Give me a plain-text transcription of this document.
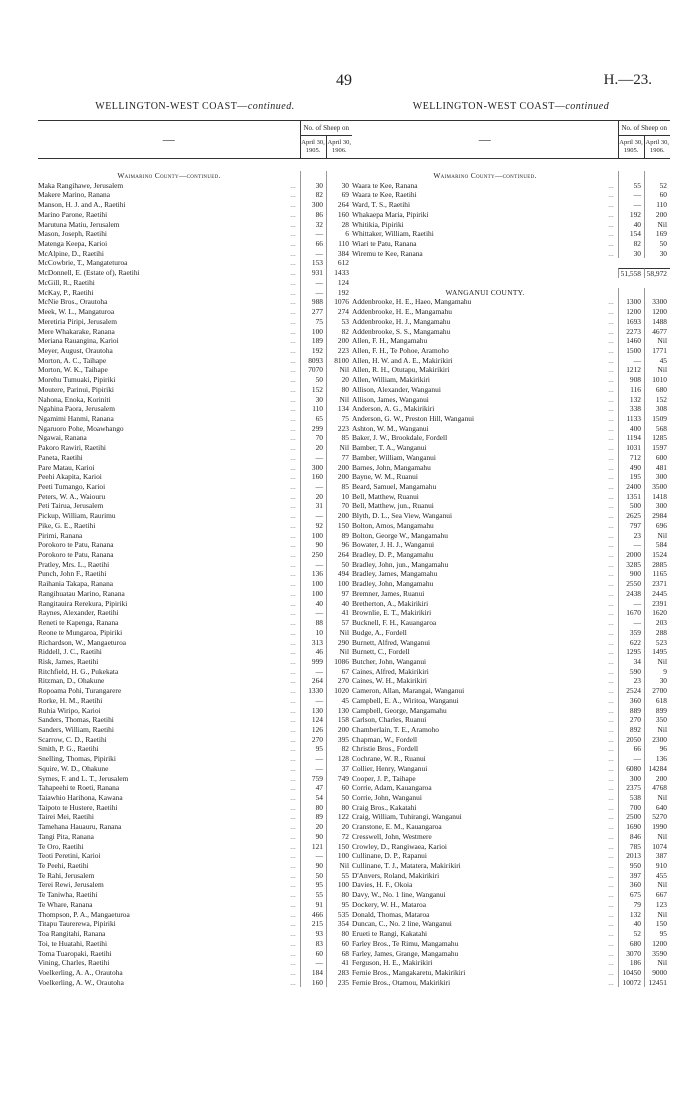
49	H.—23.
WELLINGTON-WEST COAST—continued.
—	No. of Sheep on	
	April 30, 1905.	April 30, 1906.
Waimarino County—continued.
Maka Rangihawe, Jerusalem	...	30	30
Makere Marino, Ranana	...	82	69
Manson, H. J. and A., Raetihi	...	300	264
Marino Parone, Raetihi	...	86	160
Marutuna Matiu, Jerusalem	...	32	28
Mason, Joseph, Raetihi	...	—	6
Matenga Keepa, Karioi	...	66	110
McAlpine, D., Raetihi	...	—	384
McCowbrie, T., Mangateturoa	...	153	612
McDonnell, E. (Estate of), Raetihi	...	931	1433
McGill, R., Raetihi	...	—	124
McKay, P., Raetihi	...	—	192
McNie Bros., Orautoha	...	988	1076
Meek, W. L., Mangaturoa	...	277	274
Meretiria Piripi, Jerusalem	...	75	53
Mere Whakarake, Ranana	...	100	82
Meriana Rauangina, Karioi	...	189	200
Meyer, August, Orautoha	...	192	223
Morton, A. C., Taihape	...	8093	8100
Morton, W. K., Taihape	...	7070	Nil
Morehu Tumuaki, Pipiriki	...	50	20
Moutere, Parinui, Pipiriki	...	152	80
Nahona, Enoka, Koriniti	...	30	Nil
Ngahina Paora, Jerusalem	...	110	134
Ngamimi Hanmi, Ranana	...	65	75
Ngaruoro Pohe, Moawhango	...	299	223
Ngawai, Ranana	...	70	85
Pakoro Rawiri, Raetihi	...	20	Nil
Paneta, Raetihi	...	—	77
Pare Matau, Karioi	...	300	200
Peehi Akapita, Karioi	...	160	200
Peeti Tumango, Karioi	...	—	85
Peters, W. A., Waiouru	...	20	10
Peti Tairua, Jerusalem	...	31	70
Pickup, William, Raurimu	...	—	200
Pike, G. E., Raetihi	...	92	150
Pirimi, Ranana	...	100	89
Porokoro te Patu, Ranana	...	90	96
Porokoro te Patu, Ranana	...	250	264
Pratley, Mrs. L., Raetihi	...	—	50
Punch, John F., Raetihi	...	136	494
Raihania Takapa, Ranana	...	100	100
Rangihuatau Marino, Ranana	...	100	97
Rangitauira Rerekura, Pipiriki	...	40	40
Raynes, Alexander, Raetihi	...	—	41
Reneti te Kapenga, Ranana	...	88	57
Reone te Mungaroa, Pipiriki	...	10	Nil
Richardson, W., Mangaeturoa	...	313	290
Riddell, J. C., Raetihi	...	46	Nil
Risk, James, Raetihi	...	999	1086
Ritchfield, H. G., Pukekata	...	—	67
Ritzman, D., Ohakune	...	264	270
Ropoama Pohi, Turangarere	...	1330	1020
Rorke, H. M., Raetihi	...	—	45
Ruhia Wiripo, Karioi	...	130	130
Sanders, Thomas, Raetihi	...	124	158
Sanders, William, Raetihi	...	126	200
Scarrow, C. D., Raetihi	...	270	395
Smith, P. G., Raetihi	...	95	82
Snelling, Thomas, Pipiriki	...	—	128
Squire, W. D., Ohakune	...	—	37
Symes, F. and L. T., Jerusalem	...	759	749
Tahapeehi te Roeti, Ranana	...	47	60
Taiawhio Harihona, Kawana	...	54	50
Taipoto te Hustere, Raetihi	...	80	80
Tairei Mei, Raetihi	...	89	122
Tamehana Hauauru, Ranana	...	20	20
Tangi Pita, Ranana	...	90	72
Te Oro, Raetihi	...	121	150
Teoti Peretini, Karioi	...	—	100
Te Peehi, Raetihi	...	90	Nil
Te Rahi, Jerusalem	...	50	55
Terei Rewi, Jerusalem	...	95	100
Te Taniwha, Raetihi	...	55	80
Te Whare, Ranana	...	91	95
Thompson, P. A., Mangaeturoa	...	466	535
Titapu Taurerewa, Pipiriki	...	215	354
Toa Rangitahi, Ranana	...	93	80
Toi, te Huatahi, Raetihi	...	83	60
Toma Tuaropaki, Raetihi	...	60	68
Vining, Charles, Raetihi	...	—	41
Voelkerling, A. A., Orautoha	...	184	283
Voelkerling, A. W., Orautoha	...	160	235
WELLINGTON-WEST COAST—continued
—	No. of Sheep on	
	April 30, 1905.	April 30, 1906.
Waimarino County—continued.
Waara te Kee, Ranana	...	55	52
Waara te Kee, Raetihi	...	—	60
Ward, T. S., Raetihi	...	—	110
Whakaepa Maria, Pipiriki	...	192	200
Whitikia, Pipiriki	...	40	Nil
Whittaker, William, Raetihi	...	154	169
Wiari te Patu, Ranana	...	82	50
Wiremu te Kee, Ranana	...	30	30
51,558 58,972
WANGANUI COUNTY.
Addenbrooke, H. E., Haeo, Mangamahu	...	1300	3300
Addenbrooke, H. E., Mangamahu	...	1200	1200
Addenbrooke, H. J., Mangamahu	...	1693	1488
Addenbrooke, S. S., Mangamahu	...	2273	4677
Allen, F. H., Mangamahu	...	1460	Nil
Allen, F. H., Te Pohoe, Aramoho	...	1500	1771
Allen, H. W. and A. E., Makirikiri	...	—	45
Allen, R. H., Otutapu, Makirikiri	...	1212	Nil
Allen, William, Makirikiri	...	908	1010
Allison, Alexander, Wanganui	...	116	680
Allison, James, Wanganui	...	132	152
Anderson, A. G., Makirikiri	...	338	308
Anderson, G. W., Preston Hill, Wanganui	...	1133	1509
Ashton, W. M., Wanganui	...	400	568
Baker, J. W., Brookdale, Fordell	...	1194	1285
Bamber, T. A., Wanganui	...	1031	1597
Bamber, William, Wanganui	...	712	600
Barnes, John, Mangamahu	...	490	481
Bayne, W. M., Ruanui	...	195	300
Beard, Samuel, Mangamahu	...	2400	3500
Bell, Matthew, Ruanui	...	1351	1418
Bell, Matthew, jun., Ruanui	...	500	300
Blyth, D. L., Sea View, Wanganui	...	2625	2984
Bolton, Amos, Mangamahu	...	797	696
Bolton, George W., Mangamahu	...	23	Nil
Bowater, J. H. J., Wanganui	...	—	584
Bradley, D. P., Mangamahu	...	2000	1524
Bradley, John, jun., Mangamahu	...	3285	2885
Bradley, James, Mangamahu	...	900	1165
Bradley, John, Mangamahu	...	2550	2371
Bremner, James, Ruanui	...	2438	2445
Bretherton, A., Makirikiri	...	—	2391
Brownlie, E. T., Makirikiri	...	1670	1620
Bucknell, F. H., Kauangaroa	...	—	203
Budge, A., Fordell	...	359	288
Burnett, Alfred, Wanganui	...	622	523
Burnett, C., Fordell	...	1295	1495
Butcher, John, Wanganui	...	34	Nil
Caines, Alfred, Makirikiri	...	590	9
Caines, W. H., Makirikiri	...	23	30
Cameron, Allan, Marangai, Wanganui	...	2524	2700
Campbell, E. A., Wiritoa, Wanganui	...	360	618
Campbell, George, Mangamahu	...	889	899
Carlson, Charles, Ruanui	...	270	350
Chamberlain, T. E., Aramoho	...	892	Nil
Chapman, W., Fordell	...	2050	2300
Christie Bros., Fordell	...	66	96
Cochrane, W. R., Ruanui	...	—	136
Collier, Henry, Wanganui	...	6080	14284
Cooper, J. P., Taihape	...	300	200
Corrie, Adam, Kauangaroa	...	2375	4768
Corrie, John, Wanganui	...	538	Nil
Craig Bros., Kakatahi	...	700	640
Craig, William, Tuhirangi, Wanganui	...	2500	5270
Cranstone, E. M., Kauangaroa	...	1690	1990
Cresswell, John, Westmere	...	846	Nil
Crowley, D., Rangiwaea, Karioi	...	785	1074
Cullinane, D. P., Rapanui	...	2013	387
Cullinane, T. J., Matatera, Makirikiri	...	950	910
D'Anvers, Roland, Makirikiri	...	397	455
Davies, H. F., Okoia	...	360	Nil
Davy, W., No. 1 line, Wanganui	...	675	667
Dockery, W. H., Mataroa	...	79	123
Donald, Thomas, Mataroa	...	132	Nil
Duncan, C., No. 2 line, Wanganui	...	40	150
Erueti te Rangi, Kakatahi	...	52	95
Farley Bros., Te Rimu, Mangamahu	...	680	1200
Farley, James, Grange, Mangamahu	...	3070	3590
Ferguson, H. E., Makirikiri	...	186	Nil
Fernie Bros., Mangakaretu, Makirikiri	...	10450	9000
Fernie Bros., Otamou, Makirikiri	...	10072	12451
